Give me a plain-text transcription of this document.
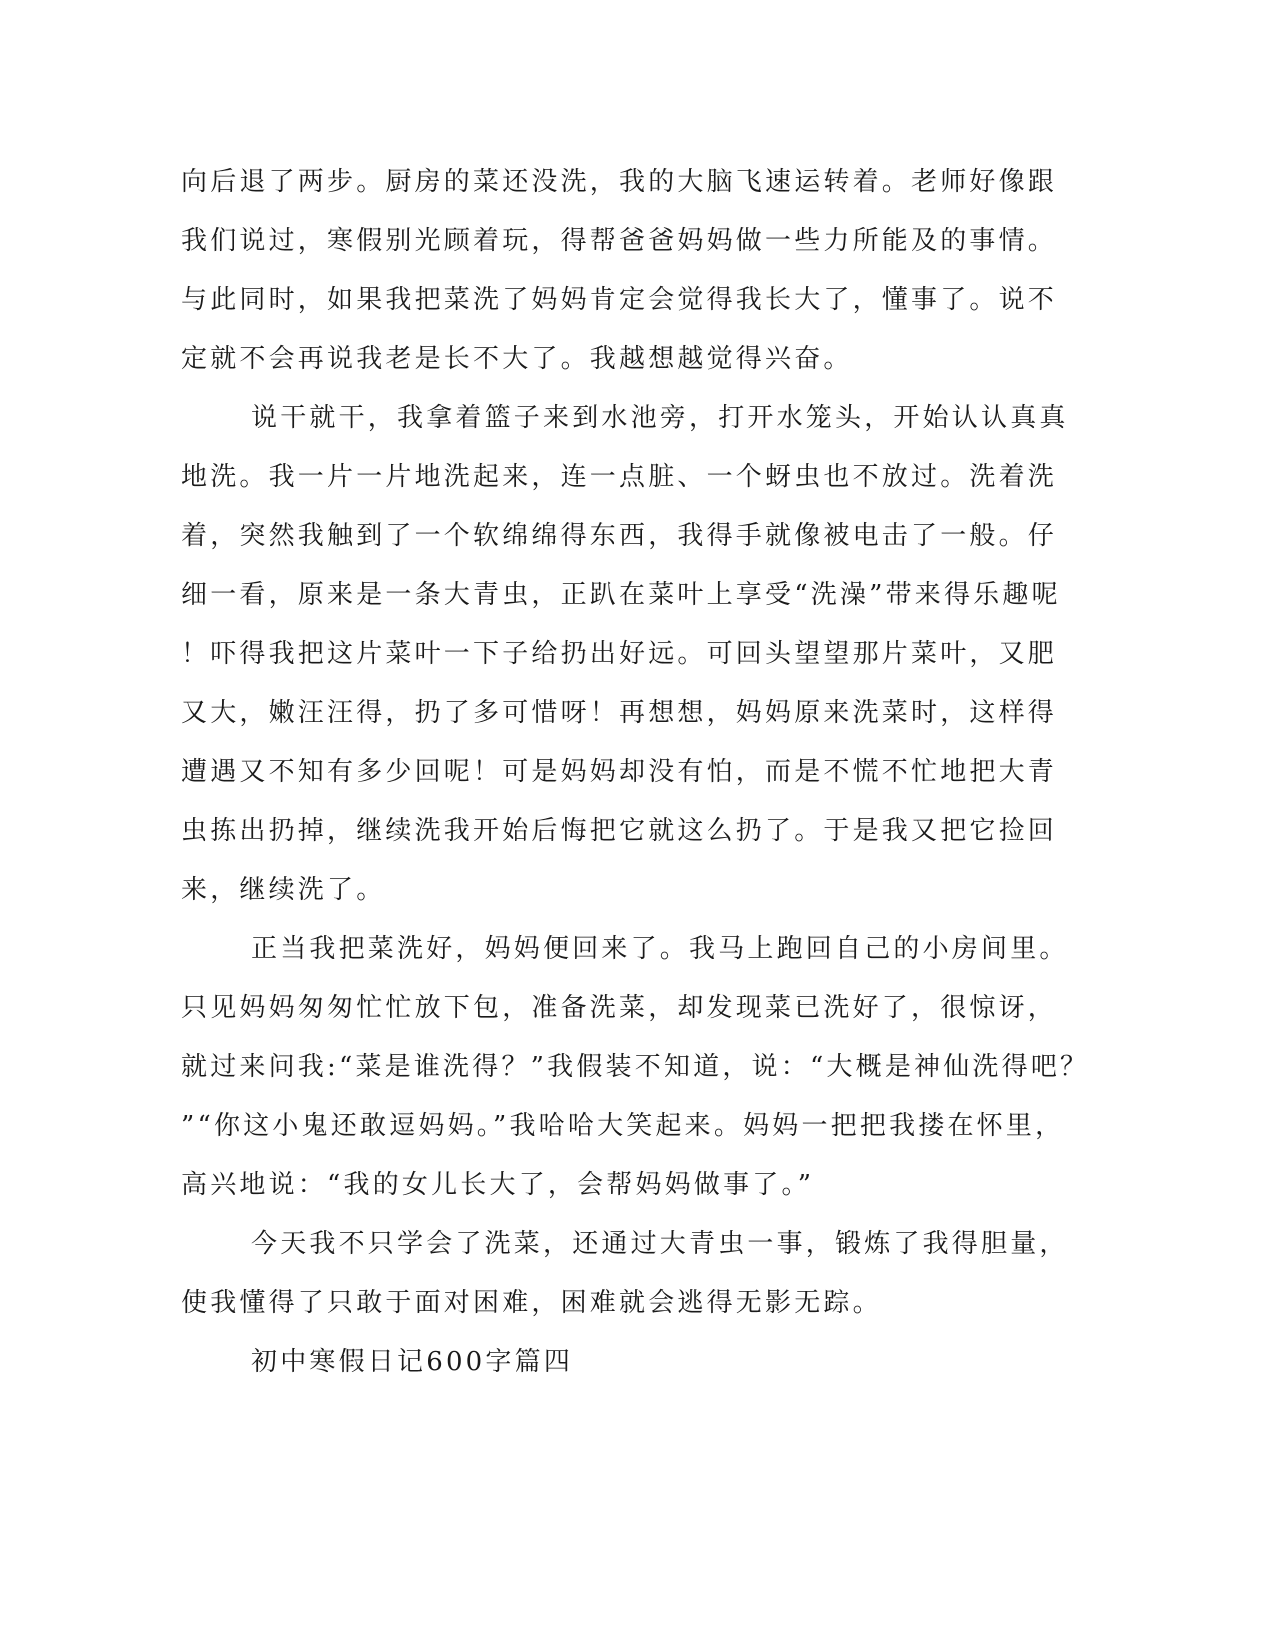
向后退了两步。厨房的菜还没洗，我的大脑飞速运转着。老师好像跟
我们说过，寒假别光顾着玩，得帮爸爸妈妈做一些力所能及的事情。
与此同时，如果我把菜洗了妈妈肯定会觉得我长大了，懂事了。说不
定就不会再说我老是长不大了。我越想越觉得兴奋。
说干就干，我拿着篮子来到水池旁，打开水笼头，开始认认真真
地洗。我一片一片地洗起来，连一点脏、一个蚜虫也不放过。洗着洗
着，突然我触到了一个软绵绵得东西，我得手就像被电击了一般。仔
细一看，原来是一条大青虫，正趴在菜叶上享受“洗澡”带来得乐趣呢
！吓得我把这片菜叶一下子给扔出好远。可回头望望那片菜叶，又肥
又大，嫩汪汪得，扔了多可惜呀！再想想，妈妈原来洗菜时，这样得
遭遇又不知有多少回呢！可是妈妈却没有怕，而是不慌不忙地把大青
虫拣出扔掉，继续洗我开始后悔把它就这么扔了。于是我又把它捡回
来，继续洗了。
正当我把菜洗好，妈妈便回来了。我马上跑回自己的小房间里。
只见妈妈匆匆忙忙放下包，准备洗菜，却发现菜已洗好了，很惊讶，
就过来问我:“菜是谁洗得？”我假装不知道，说：“大概是神仙洗得吧？
”“你这小鬼还敢逗妈妈。”我哈哈大笑起来。妈妈一把把我搂在怀里，
高兴地说：“我的女儿长大了，会帮妈妈做事了。”
今天我不只学会了洗菜，还通过大青虫一事，锻炼了我得胆量，
使我懂得了只敢于面对困难，困难就会逃得无影无踪。
初中寒假日记600字篇四
